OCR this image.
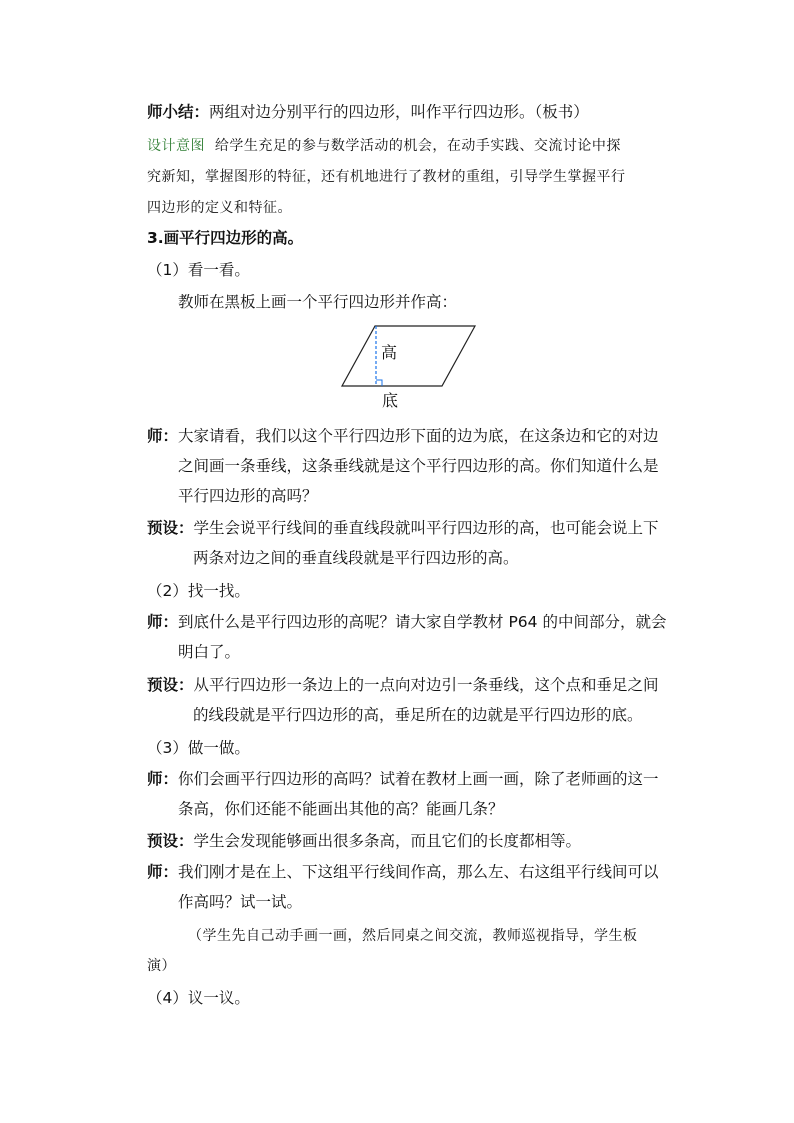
师小结：两组对边分别平行的四边形，叫作平行四边形。（板书）
设计意图 给学生充足的参与数学活动的机会，在动手实践、交流讨论中探
究新知，掌握图形的特征，还有机地进行了教材的重组，引导学生掌握平行
四边形的定义和特征。
3.画平行四边形的高。
（1）看一看。
教师在黑板上画一个平行四边形并作高：
高
底
师：大家请看，我们以这个平行四边形下面的边为底，在这条边和它的对边
之间画一条垂线，这条垂线就是这个平行四边形的高。你们知道什么是
平行四边形的高吗？
预设：学生会说平行线间的垂直线段就叫平行四边形的高，也可能会说上下
两条对边之间的垂直线段就是平行四边形的高。
（2）找一找。
师：到底什么是平行四边形的高呢？请大家自学教材 P64 的中间部分，就会
明白了。
预设：从平行四边形一条边上的一点向对边引一条垂线，这个点和垂足之间
的线段就是平行四边形的高，垂足所在的边就是平行四边形的底。
（3）做一做。
师：你们会画平行四边形的高吗？试着在教材上画一画，除了老师画的这一
条高，你们还能不能画出其他的高？能画几条？
预设：学生会发现能够画出很多条高，而且它们的长度都相等。
师：我们刚才是在上、下这组平行线间作高，那么左、右这组平行线间可以
作高吗？试一试。
（学生先自己动手画一画，然后同桌之间交流，教师巡视指导，学生板
演）
（4）议一议。
